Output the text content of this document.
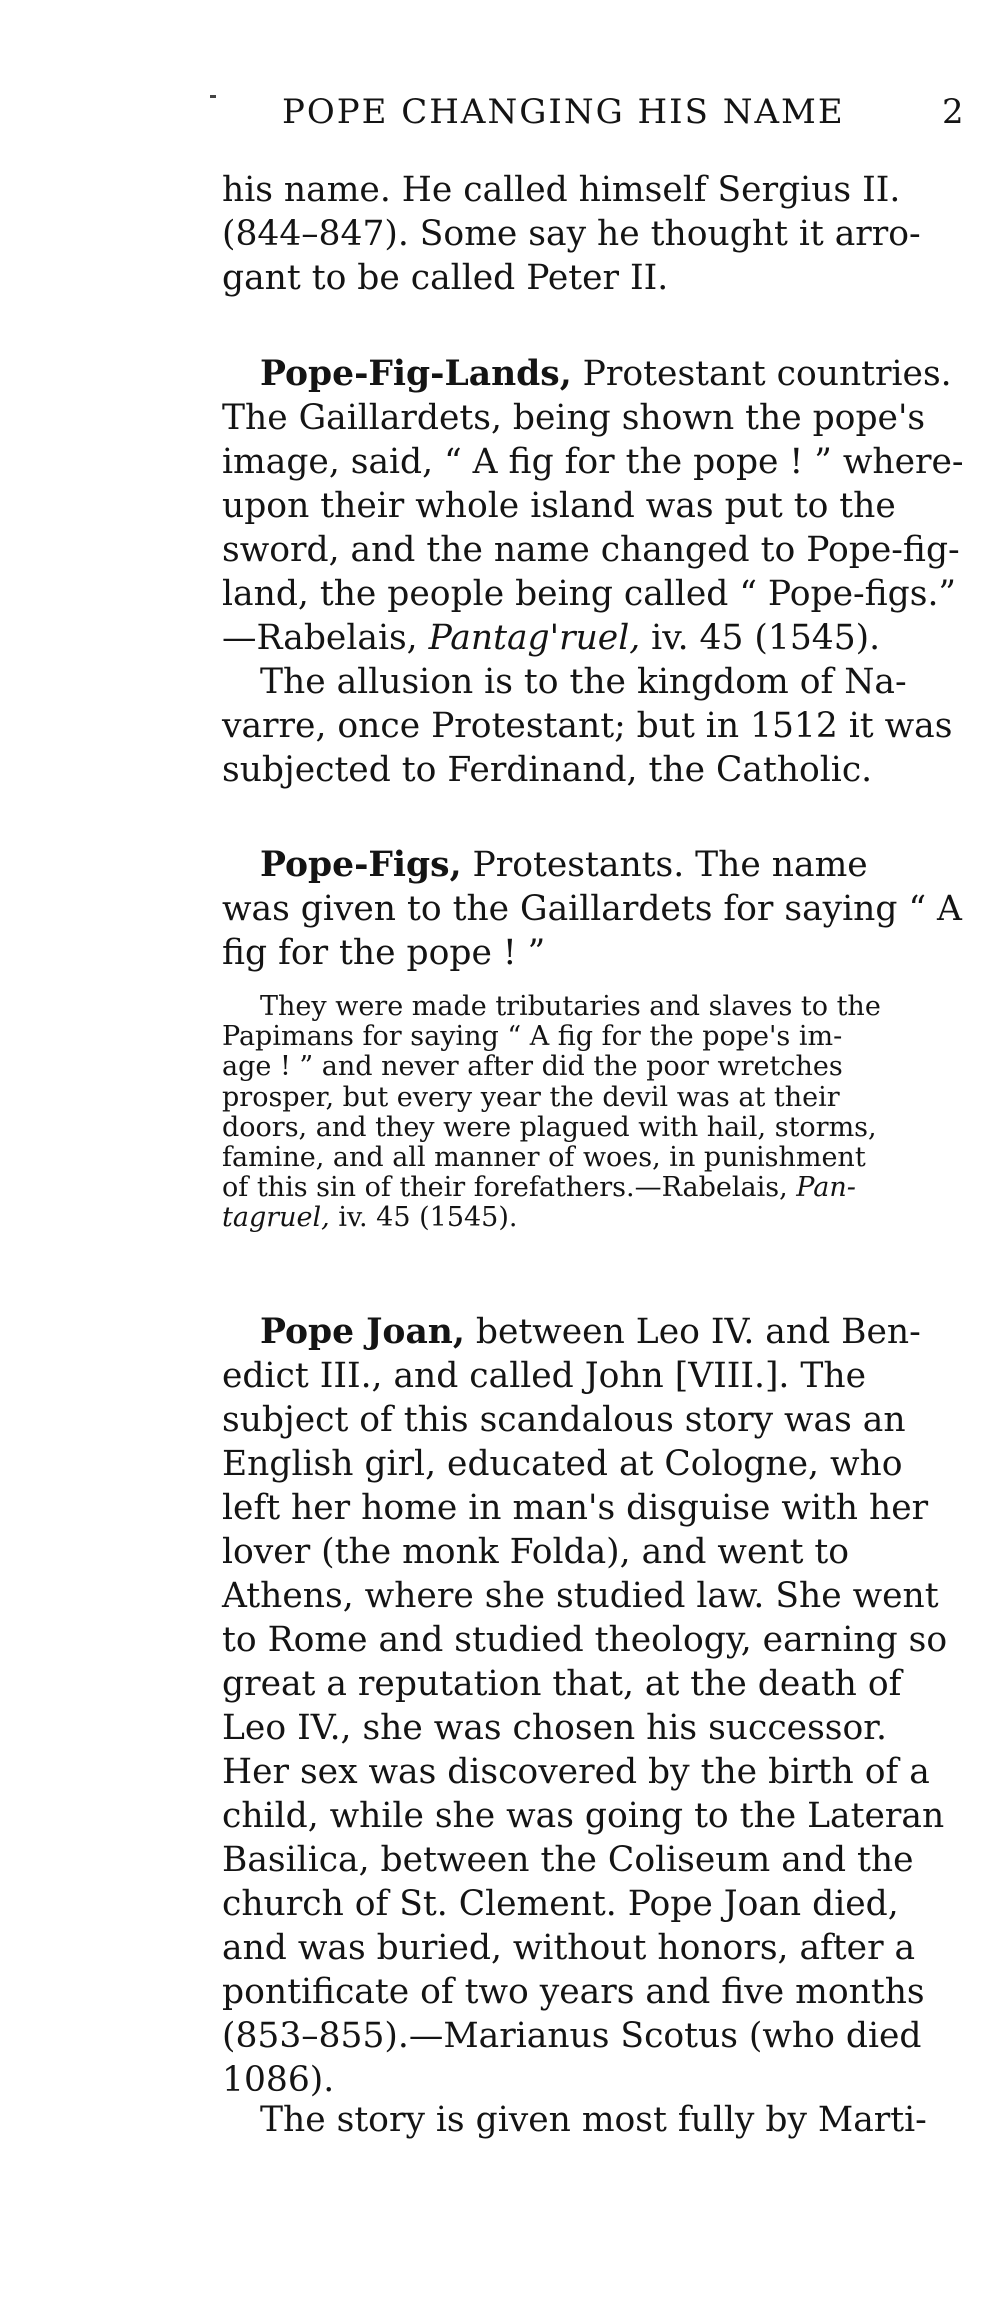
POPE CHANGING HIS NAME	2

his name. He called himself Sergius II.
(844–847). Some say he thought it arro-
gant to be called Peter II.

Pope-Fig-Lands, Protestant countries.
The Gaillardets, being shown the pope's
image, said, “ A fig for the pope ! ” where-
upon their whole island was put to the
sword, and the name changed to Pope-fig-
land, the people being called “ Pope-figs.”
—Rabelais, Pantag'ruel, iv. 45 (1545).

The allusion is to the kingdom of Na-
varre, once Protestant; but in 1512 it was
subjected to Ferdinand, the Catholic.

Pope-Figs, Protestants. The name
was given to the Gaillardets for saying “ A
fig for the pope ! ”

They were made tributaries and slaves to the
Papimans for saying “ A fig for the pope's im-
age ! ” and never after did the poor wretches
prosper, but every year the devil was at their
doors, and they were plagued with hail, storms,
famine, and all manner of woes, in punishment
of this sin of their forefathers.—Rabelais, Pan-
tagruel, iv. 45 (1545).

Pope Joan, between Leo IV. and Ben-
edict III., and called John [VIII.]. The
subject of this scandalous story was an
English girl, educated at Cologne, who
left her home in man's disguise with her
lover (the monk Folda), and went to
Athens, where she studied law. She went
to Rome and studied theology, earning so
great a reputation that, at the death of
Leo IV., she was chosen his successor.
Her sex was discovered by the birth of a
child, while she was going to the Lateran
Basilica, between the Coliseum and the
church of St. Clement. Pope Joan died,
and was buried, without honors, after a
pontificate of two years and five months
(853–855).—Marianus Scotus (who died
1086).

The story is given most fully by Marti-
